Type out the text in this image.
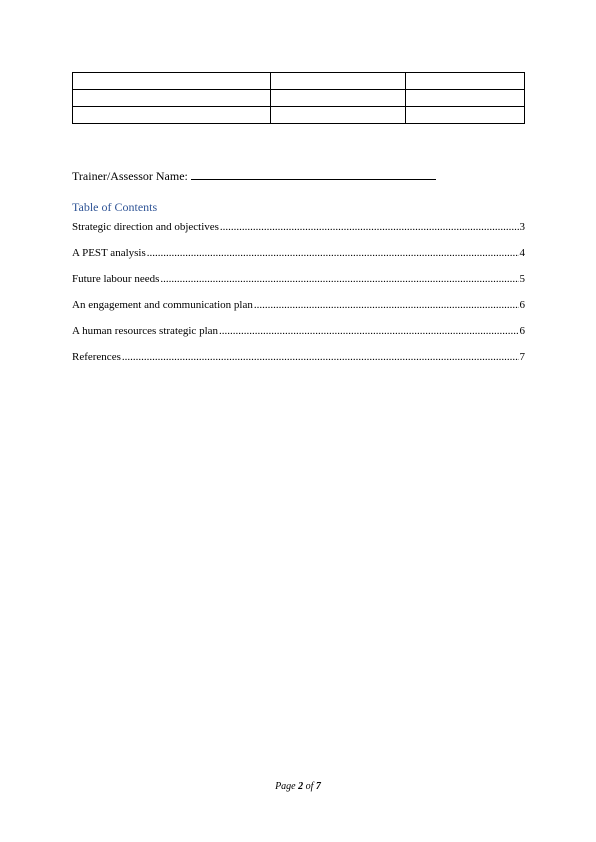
Trainer/Assessor Name:
Table of Contents
Strategic direction and objectives .....	3
A PEST analysis .....	4
Future labour needs .....	5
An engagement and communication plan .....	6
A human resources strategic plan .....	6
References .....	7
Page 2 of 7
